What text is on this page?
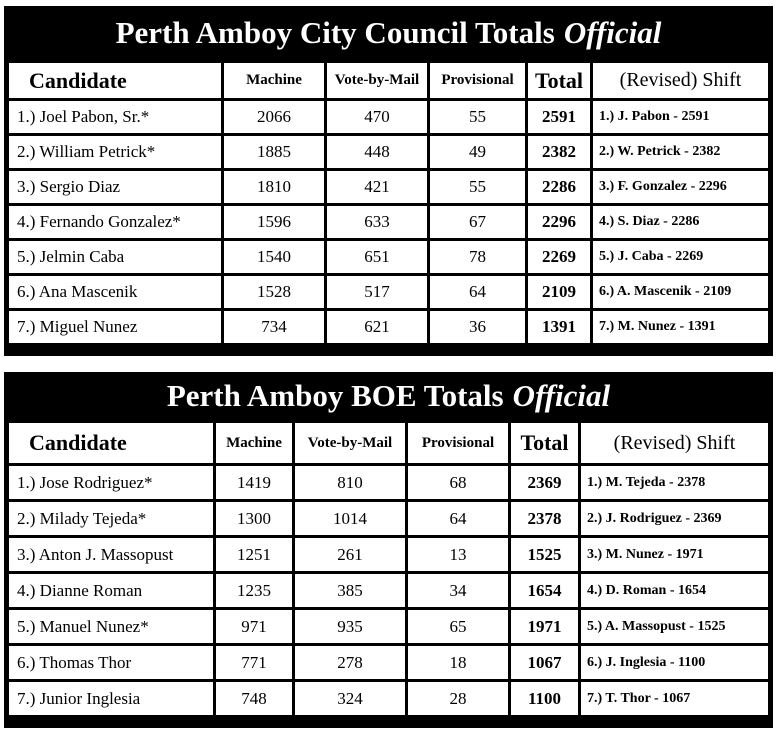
Perth Amboy City Council Totals Official
Candidate	Machine	Vote-by-Mail	Provisional	Total	(Revised) Shift
1.) Joel Pabon, Sr.*	2066	470	55	2591	1.) J. Pabon - 2591
2.) William Petrick*	1885	448	49	2382	2.) W. Petrick - 2382
3.) Sergio Diaz	1810	421	55	2286	3.) F. Gonzalez - 2296
4.) Fernando Gonzalez*	1596	633	67	2296	4.) S. Diaz - 2286
5.) Jelmin Caba	1540	651	78	2269	5.) J. Caba - 2269
6.) Ana Mascenik	1528	517	64	2109	6.) A. Mascenik - 2109
7.) Miguel Nunez	734	621	36	1391	7.) M. Nunez - 1391
Perth Amboy BOE Totals Official
Candidate	Machine	Vote-by-Mail	Provisional	Total	(Revised) Shift
1.) Jose Rodriguez*	1419	810	68	2369	1.) M. Tejeda - 2378
2.) Milady Tejeda*	1300	1014	64	2378	2.) J. Rodriguez - 2369
3.) Anton J. Massopust	1251	261	13	1525	3.) M. Nunez - 1971
4.) Dianne Roman	1235	385	34	1654	4.) D. Roman - 1654
5.) Manuel Nunez*	971	935	65	1971	5.) A. Massopust - 1525
6.) Thomas Thor	771	278	18	1067	6.) J. Inglesia - 1100
7.) Junior Inglesia	748	324	28	1100	7.) T. Thor - 1067
